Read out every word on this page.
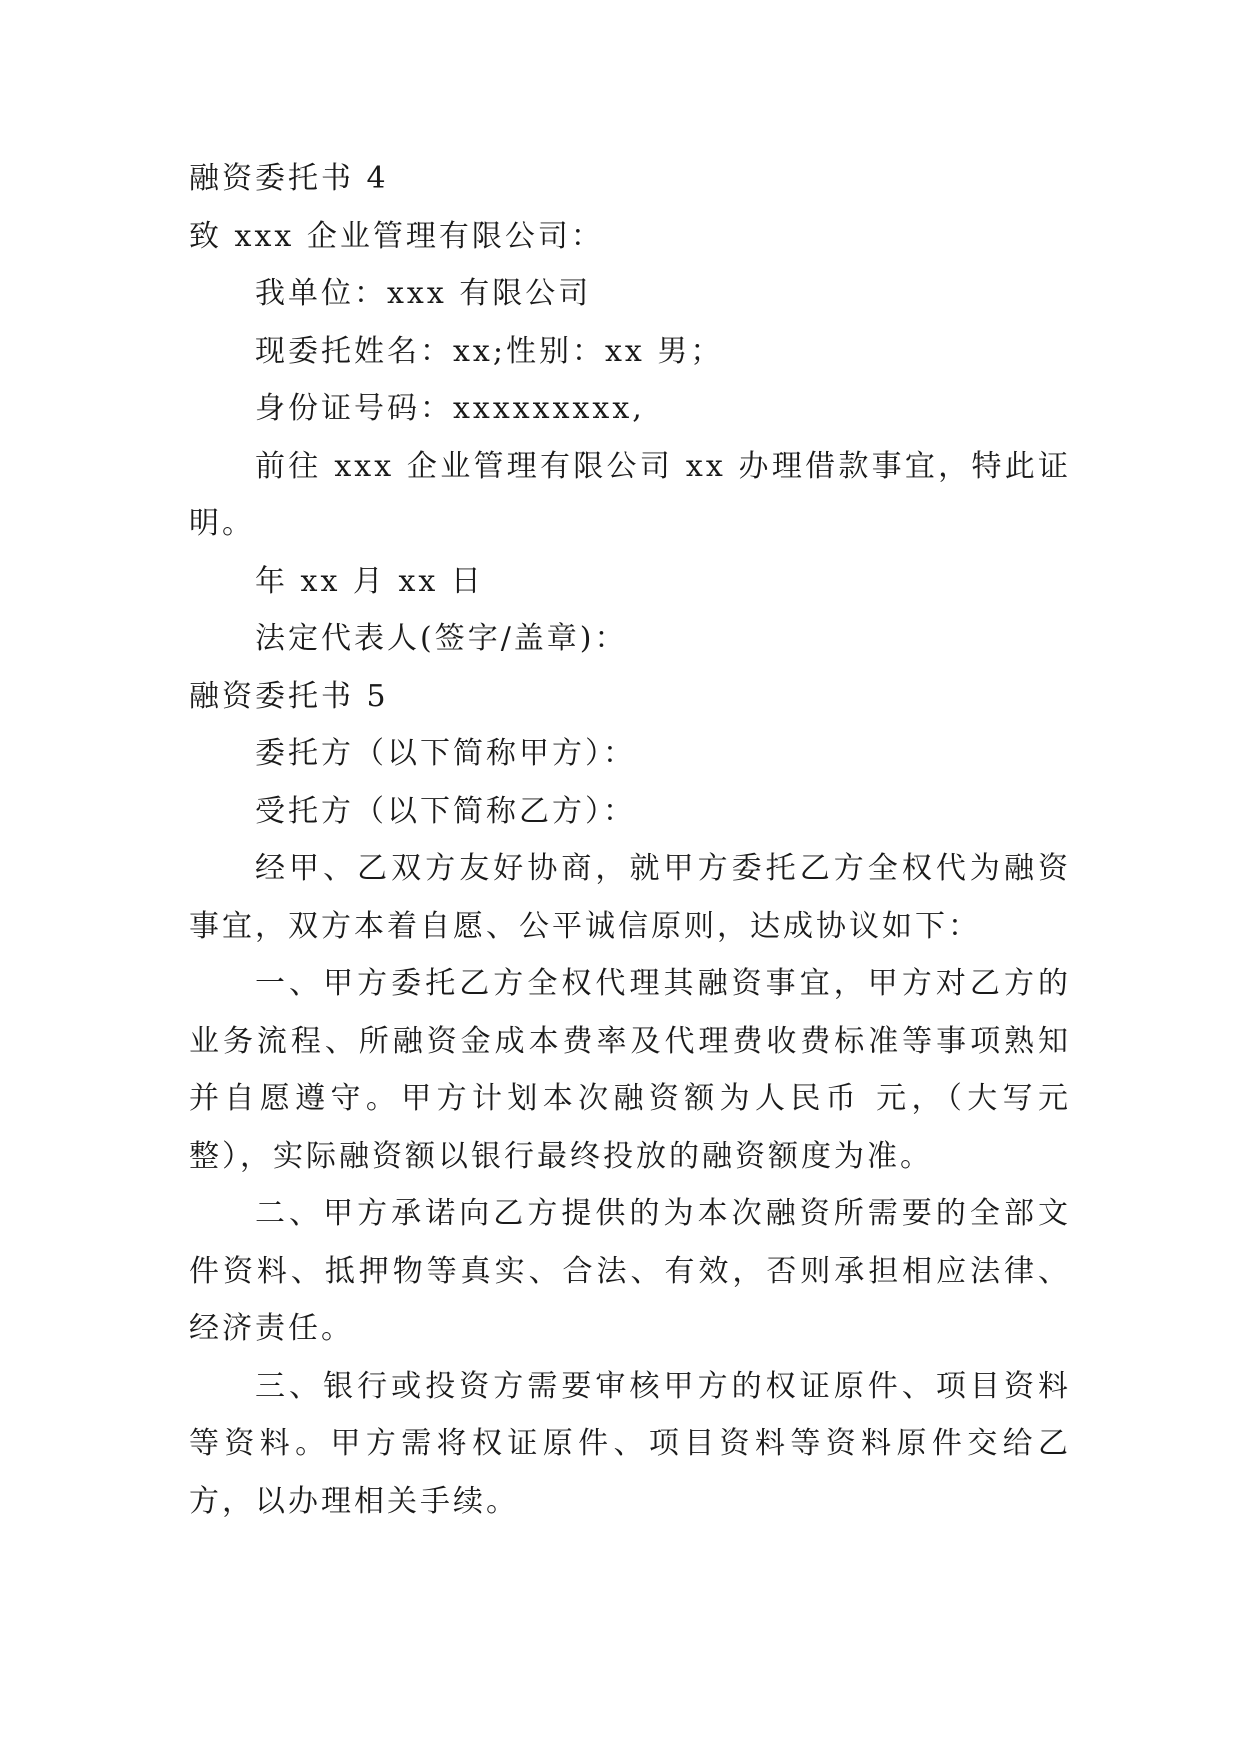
融资委托书 4

致 xxx 企业管理有限公司：

我单位：xxx 有限公司

现委托姓名：xx;性别：xx 男；

身份证号码：xxxxxxxxx,

前往 xxx 企业管理有限公司 xx 办理借款事宜，特此证明。

年 xx 月 xx 日

法定代表人(签字/盖章)：

融资委托书 5

委托方（以下简称甲方）：

受托方（以下简称乙方）：

经甲、乙双方友好协商，就甲方委托乙方全权代为融资事宜，双方本着自愿、公平诚信原则，达成协议如下：

一、甲方委托乙方全权代理其融资事宜，甲方对乙方的业务流程、所融资金成本费率及代理费收费标准等事项熟知并自愿遵守。甲方计划本次融资额为人民币 元，（大写元整），实际融资额以银行最终投放的融资额度为准。

二、甲方承诺向乙方提供的为本次融资所需要的全部文件资料、抵押物等真实、合法、有效，否则承担相应法律、经济责任。

三、银行或投资方需要审核甲方的权证原件、项目资料等资料。甲方需将权证原件、项目资料等资料原件交给乙方，以办理相关手续。
